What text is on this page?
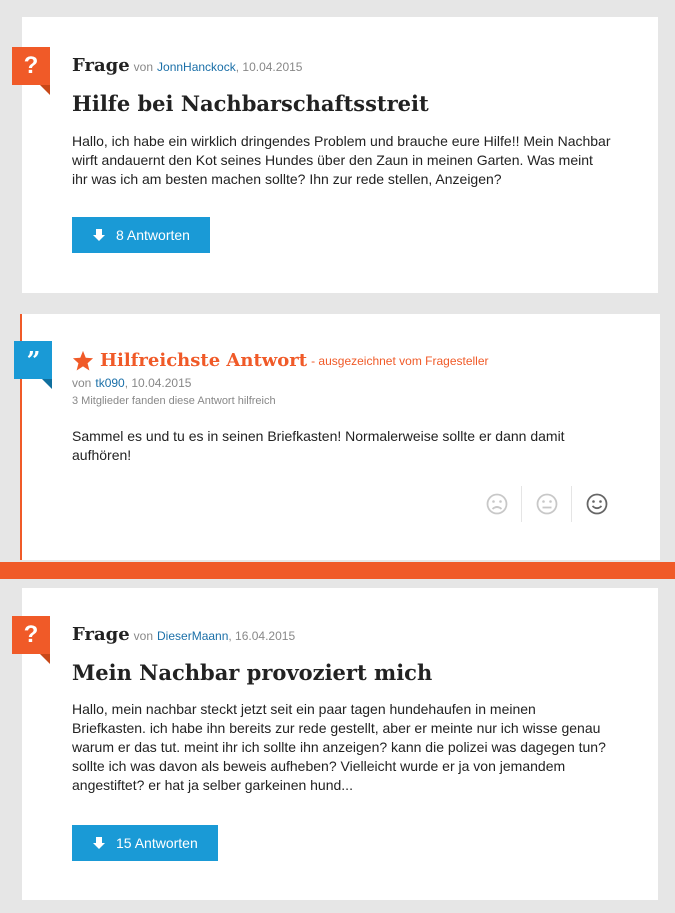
? Frage von JonnHanckock , 10.04.2015
Hilfe bei Nachbarschaftsstreit

Hallo, ich habe ein wirklich dringendes Problem und brauche eure Hilfe!! Mein Nachbar wirft andauernt den Kot seines Hundes über den Zaun in meinen Garten. Was meint ihr was ich am besten machen sollte? Ihn zur rede stellen, Anzeigen?

8 Antworten
”	Hilfreichste Antwort - ausgezeichnet vom Fragesteller
von tk090 , 10.04.2015
3 Mitglieder fanden diese Antwort hilfreich

Sammel es und tu es in seinen Briefkasten! Normalerweise sollte er dann damit aufhören!

? Frage von DieserMaann , 16.04.2015
Mein Nachbar provoziert mich

Hallo, mein nachbar steckt jetzt seit ein paar tagen hundehaufen in meinen Briefkasten. ich habe ihn bereits zur rede gestellt, aber er meinte nur ich wisse genau warum er das tut. meint ihr ich sollte ihn anzeigen? kann die polizei was dagegen tun? sollte ich was davon als beweis aufheben? Vielleicht wurde er ja von jemandem angestiftet? er hat ja selber garkeinen hund...

15 Antworten
